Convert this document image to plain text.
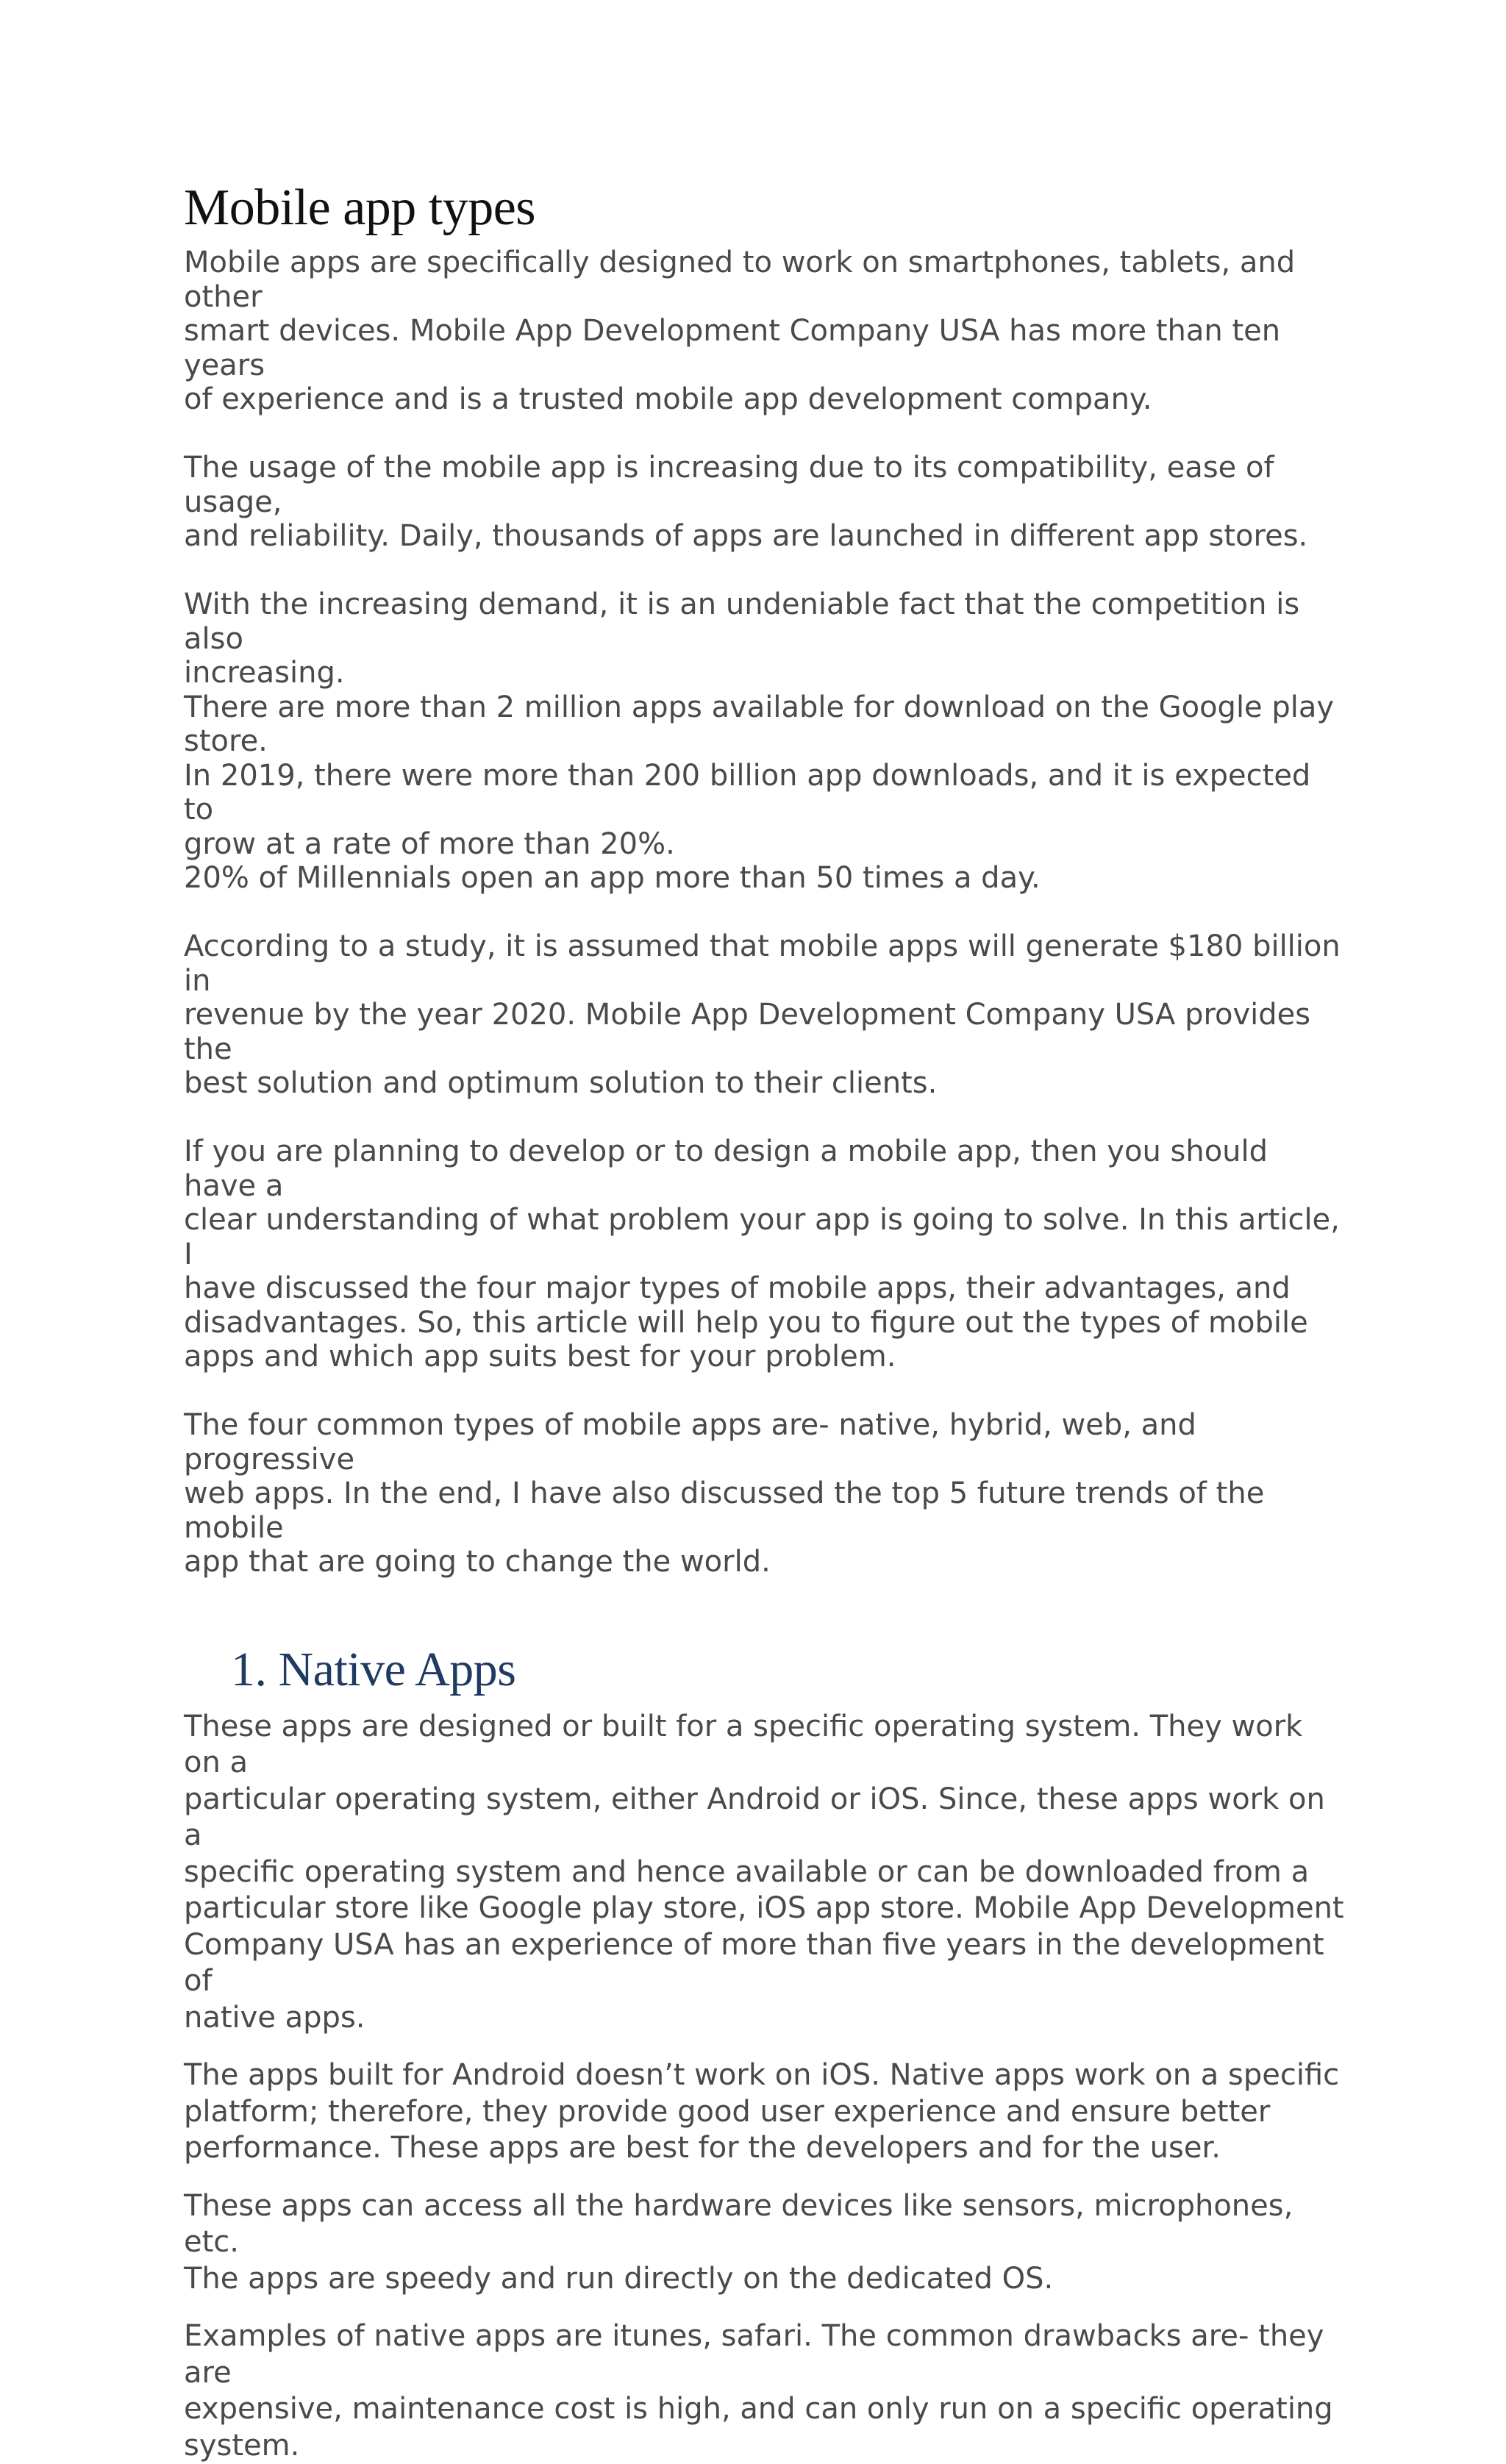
Mobile app types

Mobile apps are specifically designed to work on smartphones, tablets, and other
smart devices. Mobile App Development Company USA has more than ten years
of experience and is a trusted mobile app development company.

The usage of the mobile app is increasing due to its compatibility, ease of usage,
and reliability. Daily, thousands of apps are launched in different app stores.

With the increasing demand, it is an undeniable fact that the competition is also
increasing.
There are more than 2 million apps available for download on the Google play
store.
In 2019, there were more than 200 billion app downloads, and it is expected to
grow at a rate of more than 20%.
20% of Millennials open an app more than 50 times a day.

According to a study, it is assumed that mobile apps will generate $180 billion in
revenue by the year 2020. Mobile App Development Company USA provides the
best solution and optimum solution to their clients.

If you are planning to develop or to design a mobile app, then you should have a
clear understanding of what problem your app is going to solve. In this article, I
have discussed the four major types of mobile apps, their advantages, and
disadvantages. So, this article will help you to figure out the types of mobile
apps and which app suits best for your problem.

The four common types of mobile apps are- native, hybrid, web, and progressive
web apps. In the end, I have also discussed the top 5 future trends of the mobile
app that are going to change the world.

1. Native Apps

These apps are designed or built for a specific operating system. They work on a
particular operating system, either Android or iOS. Since, these apps work on a
specific operating system and hence available or can be downloaded from a
particular store like Google play store, iOS app store. Mobile App Development
Company USA has an experience of more than five years in the development of
native apps.

The apps built for Android doesn’t work on iOS. Native apps work on a specific
platform; therefore, they provide good user experience and ensure better
performance. These apps are best for the developers and for the user.

These apps can access all the hardware devices like sensors, microphones, etc.
The apps are speedy and run directly on the dedicated OS.

Examples of native apps are itunes, safari. The common drawbacks are- they are
expensive, maintenance cost is high, and can only run on a specific operating
system.
